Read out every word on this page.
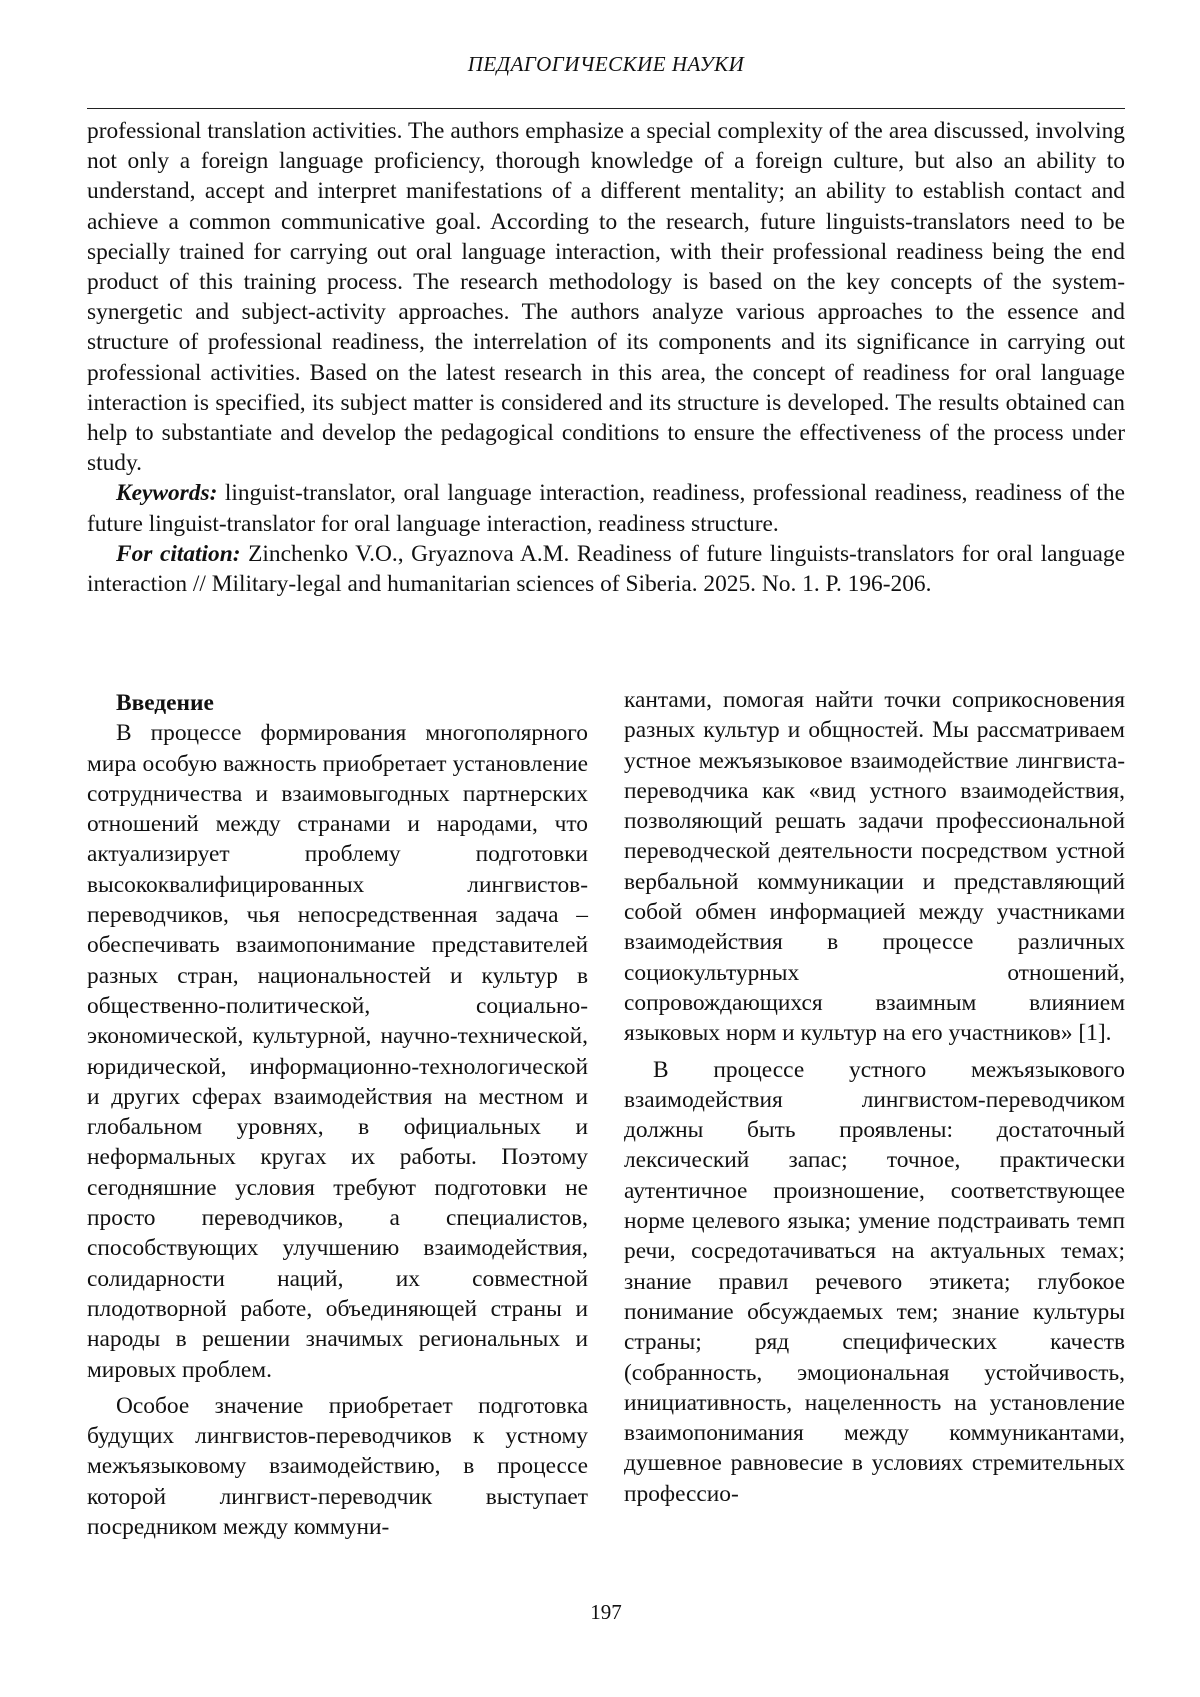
ПЕДАГОГИЧЕСКИЕ НАУКИ

professional translation activities. The authors emphasize a special complexity of the area discussed, involving not only a foreign language proficiency, thorough knowledge of a foreign culture, but also an ability to understand, accept and interpret manifestations of a different mentality; an ability to establish contact and achieve a common communicative goal. According to the research, future linguists-translators need to be specially trained for carrying out oral language interaction, with their professional readiness being the end product of this training process. The research methodology is based on the key concepts of the system-synergetic and subject-activity approaches. The authors analyze various approaches to the essence and structure of professional readiness, the interrelation of its components and its significance in carrying out professional activities. Based on the latest research in this area, the concept of readiness for oral language interaction is specified, its subject matter is considered and its structure is developed. The results obtained can help to substantiate and develop the pedagogical conditions to ensure the effectiveness of the process under study.

Keywords: linguist-translator, oral language interaction, readiness, professional readiness, readiness of the future linguist-translator for oral language interaction, readiness structure.

For citation: Zinchenko V.O., Gryaznova A.M. Readiness of future linguists-translators for oral language interaction // Military-legal and humanitarian sciences of Siberia. 2025. No. 1. P. 196-206.

Введение

В процессе формирования многополярного мира особую важность приобретает установление сотрудничества и взаимовыгодных партнерских отношений между странами и народами, что актуализирует проблему подготовки высококвалифицированных лингвистов-переводчиков, чья непосредственная задача – обеспечивать взаимопонимание представителей разных стран, национальностей и культур в общественно-политической, социально-экономической, культурной, научно-технической, юридической, информационно-технологической и других сферах взаимодействия на местном и глобальном уровнях, в официальных и неформальных кругах их работы. Поэтому сегодняшние условия требуют подготовки не просто переводчиков, а специалистов, способствующих улучшению взаимодействия, солидарности наций, их совместной плодотворной работе, объединяющей страны и народы в решении значимых региональных и мировых проблем.

Особое значение приобретает подготовка будущих лингвистов-переводчиков к устному межъязыковому взаимодействию, в процессе которой лингвист-переводчик выступает посредником между коммуни-

кантами, помогая найти точки соприкосновения разных культур и общностей. Мы рассматриваем устное межъязыковое взаимодействие лингвиста-переводчика как «вид устного взаимодействия, позволяющий решать задачи профессиональной переводческой деятельности посредством устной вербальной коммуникации и представляющий собой обмен информацией между участниками взаимодействия в процессе различных социокультурных отношений, сопровождающихся взаимным влиянием языковых норм и культур на его участников» [1].

В процессе устного межъязыкового взаимодействия лингвистом-переводчиком должны быть проявлены: достаточный лексический запас; точное, практически аутентичное произношение, соответствующее норме целевого языка; умение подстраивать темп речи, сосредотачиваться на актуальных темах; знание правил речевого этикета; глубокое понимание обсуждаемых тем; знание культуры страны; ряд специфических качеств (собранность, эмоциональная устойчивость, инициативность, нацеленность на установление взаимопонимания между коммуникантами, душевное равновесие в условиях стремительных профессио-

197
